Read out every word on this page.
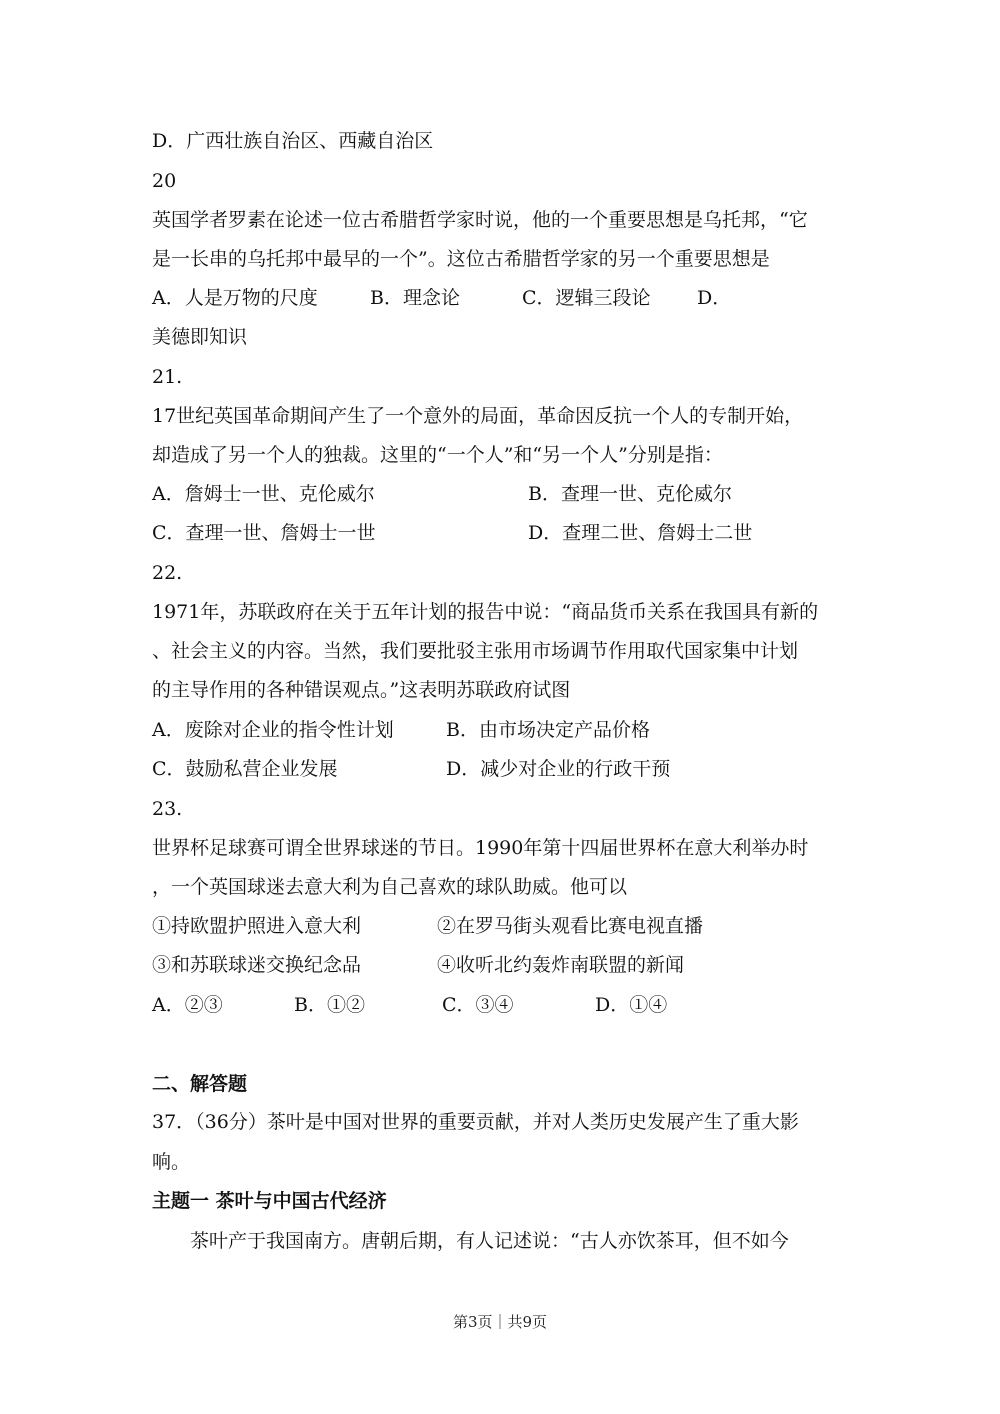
D．广西壮族自治区、西藏自治区
20
英国学者罗素在论述一位古希腊哲学家时说，他的一个重要思想是乌托邦，“它
是一长串的乌托邦中最早的一个”。这位古希腊哲学家的另一个重要思想是
A．人是万物的尺度	B．理念论	C．逻辑三段论 D．
美德即知识
21.
17世纪英国革命期间产生了一个意外的局面，革命因反抗一个人的专制开始，
却造成了另一个人的独裁。这里的“一个人”和“另一个人”分别是指：
A．詹姆士一世、克伦威尔	B．查理一世、克伦威尔
C．查理一世、詹姆士一世	D．查理二世、詹姆士二世
22.
1971年，苏联政府在关于五年计划的报告中说：“商品货币关系在我国具有新的
、社会主义的内容。当然，我们要批驳主张用市场调节作用取代国家集中计划
的主导作用的各种错误观点。”这表明苏联政府试图
A．废除对企业的指令性计划	B．由市场决定产品价格
C．鼓励私营企业发展	D．减少对企业的行政干预
23.
世界杯足球赛可谓全世界球迷的节日。1990年第十四届世界杯在意大利举办时
，一个英国球迷去意大利为自己喜欢的球队助威。他可以
①持欧盟护照进入意大利	②在罗马街头观看比赛电视直播
③和苏联球迷交换纪念品	④收听北约轰炸南联盟的新闻
A．②③	B．①②	C．③④	D．①④
二、解答题
37．（36分）茶叶是中国对世界的重要贡献，并对人类历史发展产生了重大影
响。
主题一 茶叶与中国古代经济
茶叶产于我国南方。唐朝后期，有人记述说：“古人亦饮茶耳，但不如今
第3页｜共9页
